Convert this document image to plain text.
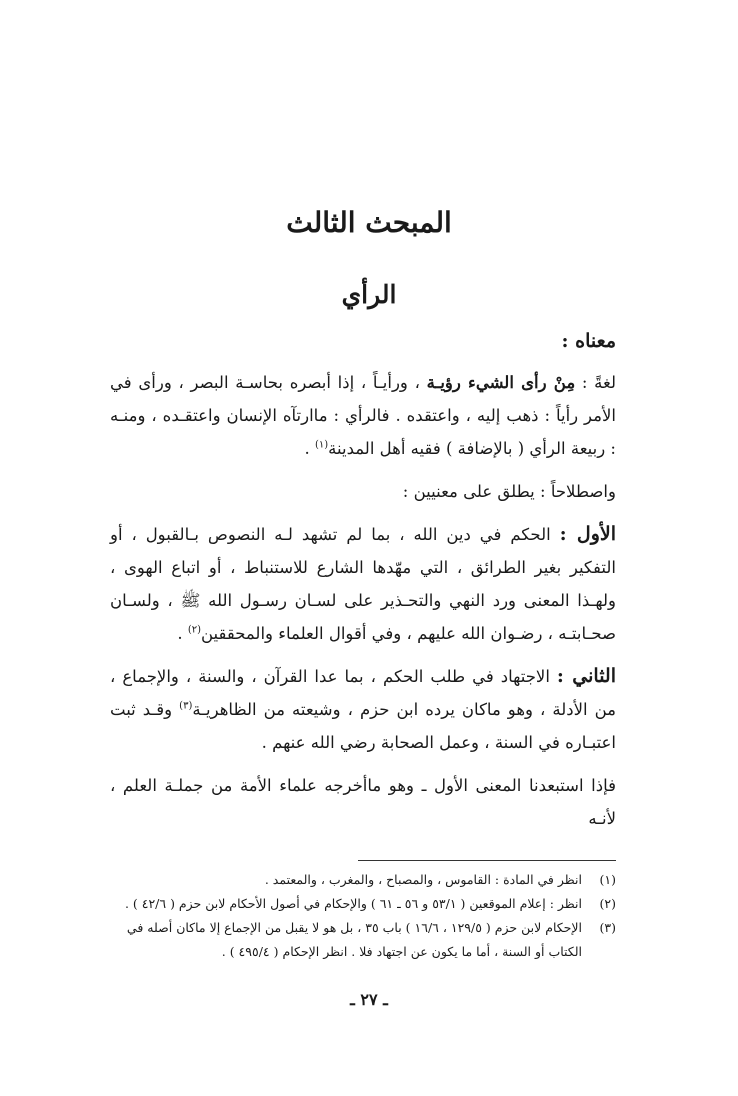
المبحث الثالث
الرأي
معناه :

لغةً : مِنْ رأى الشيء رؤيـة ، ورأيـاً ، إذا أبصره بحاسـة البصر ، ورأى في الأمر رأياً : ذهب إليه ، واعتقده . فالرأي : ماارتآه الإنسان واعتقـده ، ومنـه : ربيعة الرأي ( بالإضافة ) فقيه أهل المدينة$^{(١)}$ .

واصطلاحاً : يطلق على معنيين :

الأول : الحكم في دين الله ، بما لم تشهد لـه النصوص بـالقبول ، أو التفكير بغير الطرائق ، التي مهّدها الشارع للاستنباط ، أو اتباع الهوى ، ولهـذا المعنى ورد النهي والتحـذير على لسـان رسـول الله ﷺ ، ولسـان صحـابتـه ، رضـوان الله عليهم ، وفي أقوال العلماء والمحققين$^{(٢)}$ .

الثاني : الاجتهاد في طلب الحكم ، بما عدا القرآن ، والسنة ، والإجماع ، من الأدلة ، وهو ماكان يرده ابن حزم ، وشيعته من الظاهريـة$^{(٣)}$ وقـد ثبت اعتبـاره في السنة ، وعمل الصحابة رضي الله عنهم .

فإذا استبعدنا المعنى الأول ـ وهو ماأخرجه علماء الأمة من جملـة العلم ، لأنـه

(١)
انظر في المادة : القاموس ، والمصباح ، والمغرب ، والمعتمد .
(٢)
انظر : إعلام الموقعين ( ٥٣/١ و ٥٦ ـ ٦١ ) والإحكام في أصول الأحكام لابن حزم ( ٤٢/٦ ) .
(٣)
الإحكام لابن حزم ( ١٢٩/٥ ، ١٦/٦ ) باب ٣٥ ، بل هو لا يقبل من الإجماع إلا ماكان أصله في الكتاب أو السنة ، أما ما يكون عن اجتهاد فلا . انظر الإحكام ( ٤٩٥/٤ ) .
ـ ٢٧ ـ
